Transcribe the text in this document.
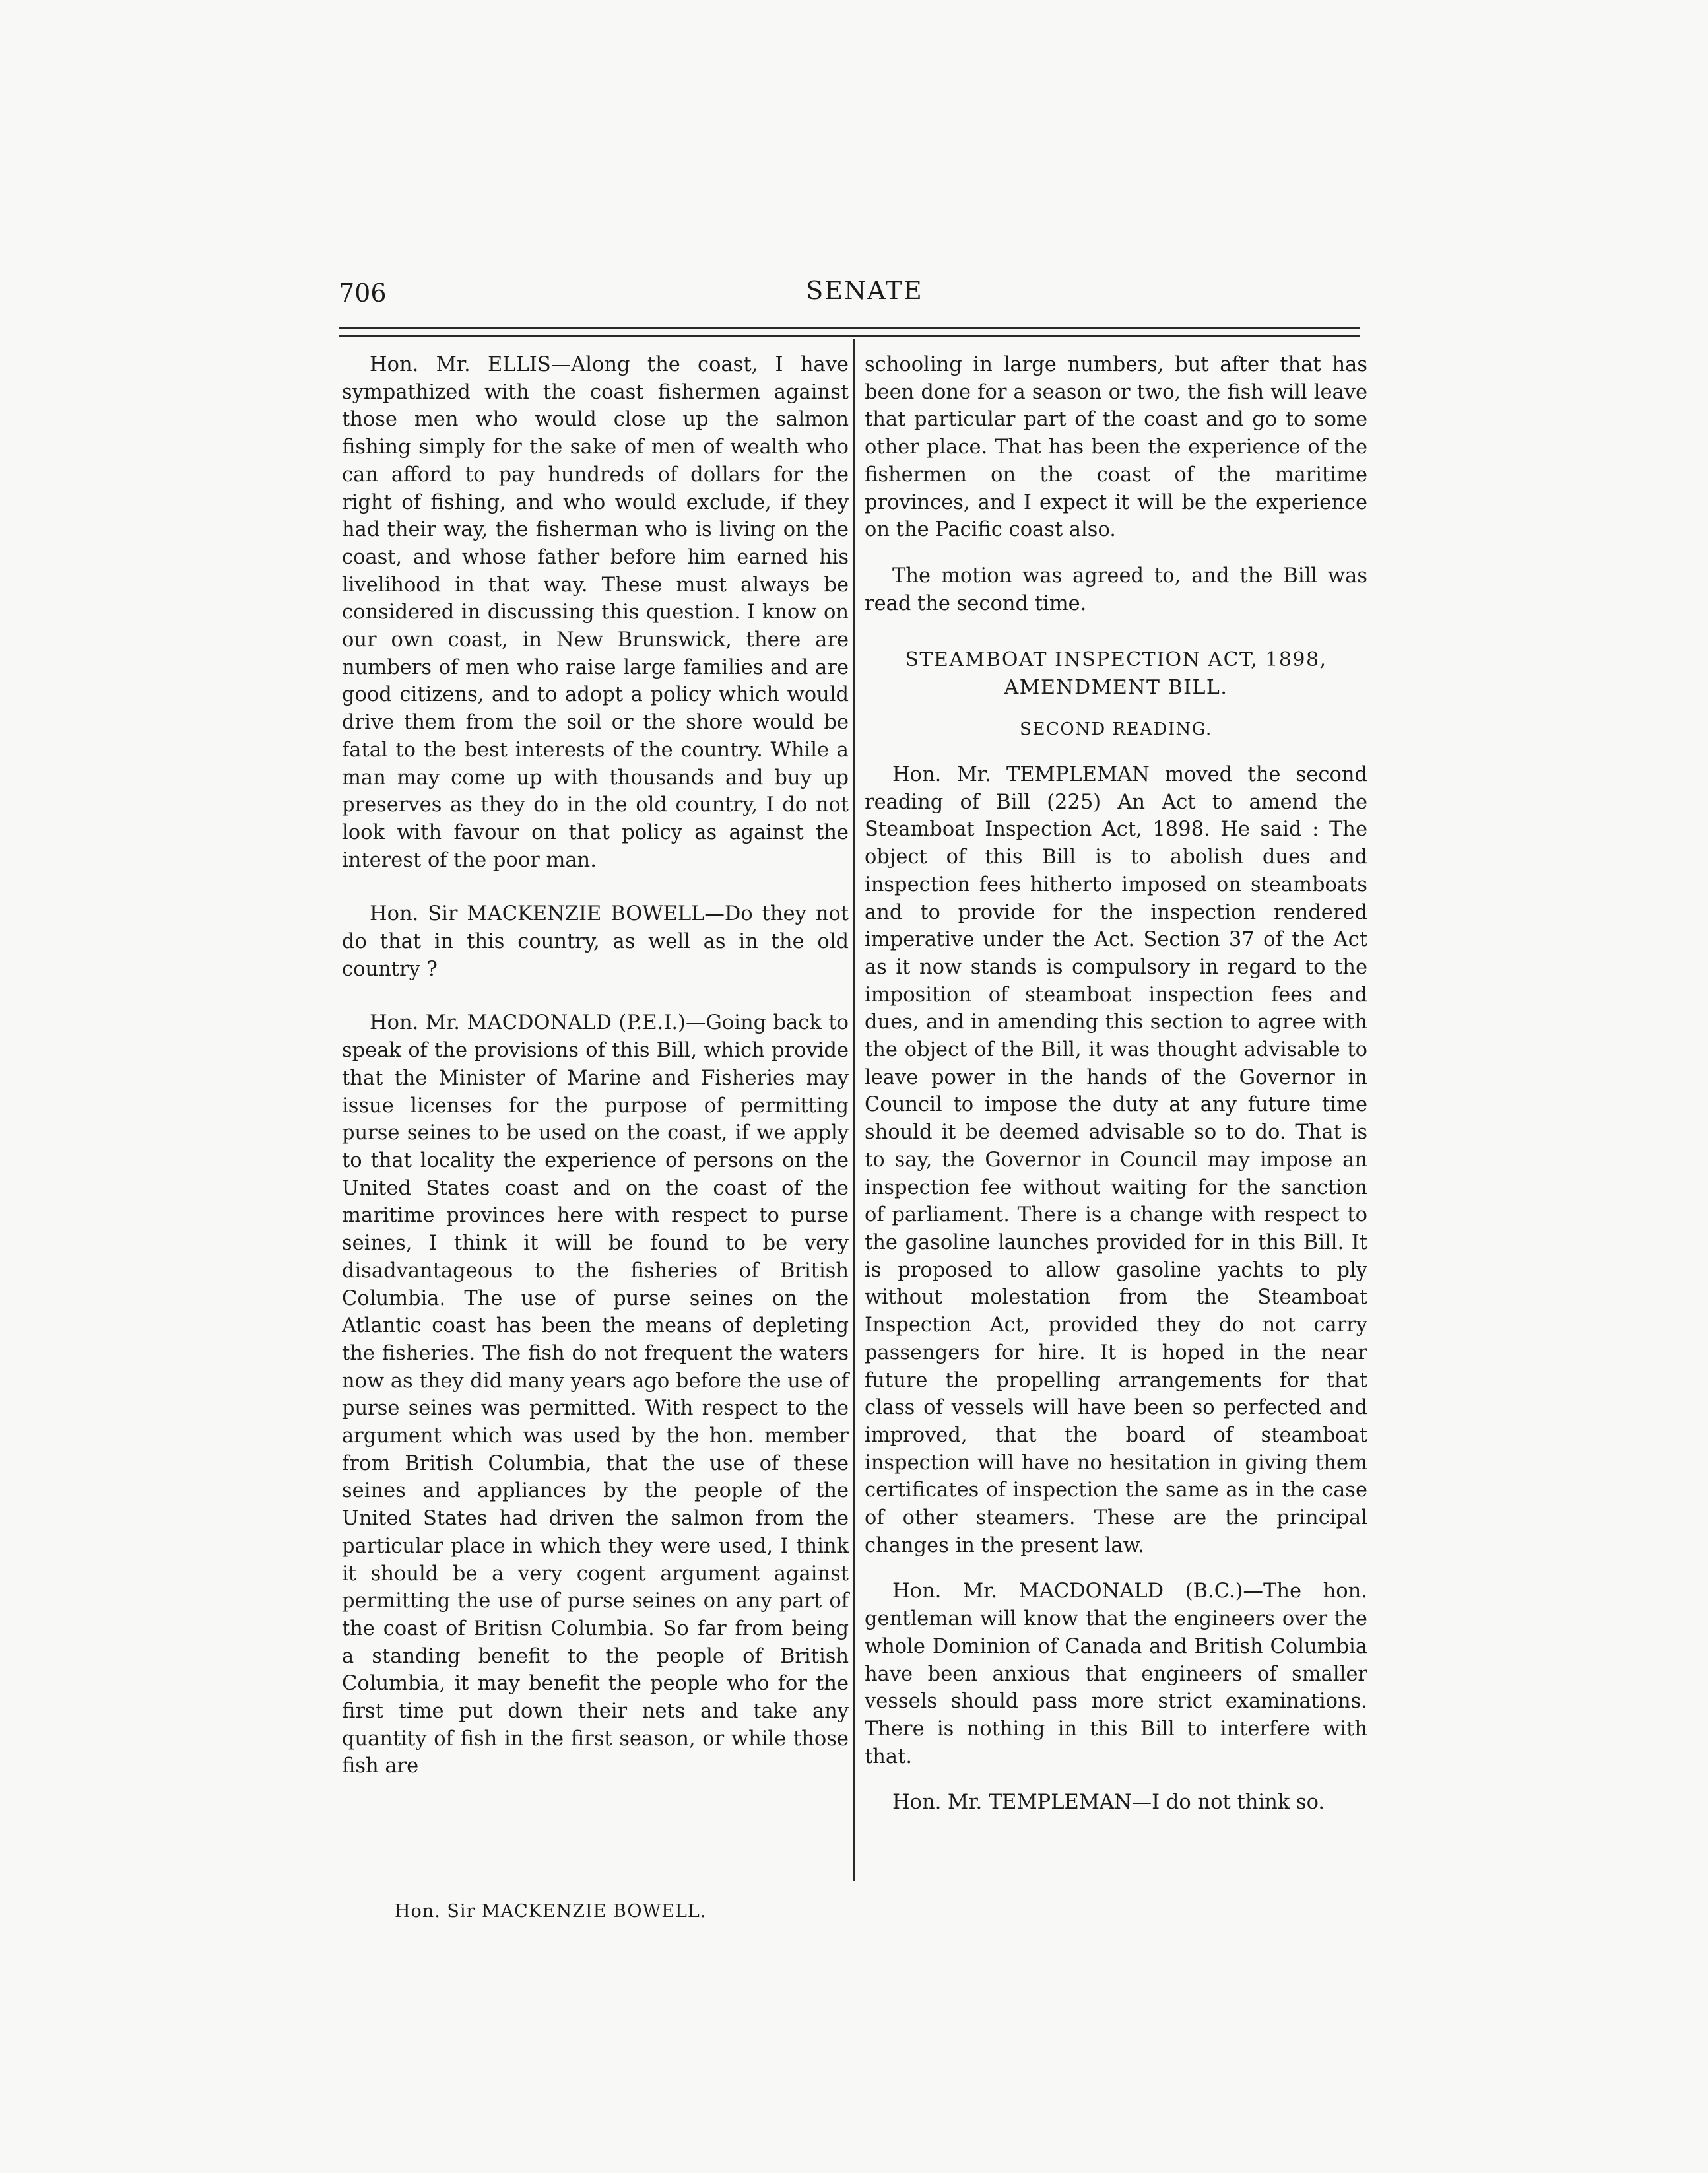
706	SENATE

Hon. Mr. ELLIS—Along the coast, I have sympathized with the coast fishermen against those men who would close up the salmon fishing simply for the sake of men of wealth who can afford to pay hundreds of dollars for the right of fishing, and who would exclude, if they had their way, the fisherman who is living on the coast, and whose father before him earned his livelihood in that way. These must always be considered in discussing this question. I know on our own coast, in New Brunswick, there are numbers of men who raise large families and are good citizens, and to adopt a policy which would drive them from the soil or the shore would be fatal to the best interests of the country. While a man may come up with thousands and buy up preserves as they do in the old country, I do not look with favour on that policy as against the interest of the poor man.

Hon. Sir MACKENZIE BOWELL—Do they not do that in this country, as well as in the old country ?

Hon. Mr. MACDONALD (P.E.I.)—Going back to speak of the provisions of this Bill, which provide that the Minister of Marine and Fisheries may issue licenses for the purpose of permitting purse seines to be used on the coast, if we apply to that locality the experience of persons on the United States coast and on the coast of the maritime provinces here with respect to purse seines, I think it will be found to be very disadvantageous to the fisheries of British Columbia. The use of purse seines on the Atlantic coast has been the means of depleting the fisheries. The fish do not frequent the waters now as they did many years ago before the use of purse seines was permitted. With respect to the argument which was used by the hon. member from British Columbia, that the use of these seines and appliances by the people of the United States had driven the salmon from the particular place in which they were used, I think it should be a very cogent argument against permitting the use of purse seines on any part of the coast of Britisn Columbia. So far from being a standing benefit to the people of British Columbia, it may benefit the people who for the first time put down their nets and take any quantity of fish in the first season, or while those fish are

schooling in large numbers, but after that has been done for a season or two, the fish will leave that particular part of the coast and go to some other place. That has been the experience of the fishermen on the coast of the maritime provinces, and I expect it will be the experience on the Pacific coast also.

The motion was agreed to, and the Bill was read the second time.

STEAMBOAT INSPECTION ACT, 1898, AMENDMENT BILL.
SECOND READING.

Hon. Mr. TEMPLEMAN moved the second reading of Bill (225) An Act to amend the Steamboat Inspection Act, 1898. He said : The object of this Bill is to abolish dues and inspection fees hitherto imposed on steamboats and to provide for the inspection rendered imperative under the Act. Section 37 of the Act as it now stands is compulsory in regard to the imposition of steamboat inspection fees and dues, and in amending this section to agree with the object of the Bill, it was thought advisable to leave power in the hands of the Governor in Council to impose the duty at any future time should it be deemed advisable so to do. That is to say, the Governor in Council may impose an inspection fee without waiting for the sanction of parliament. There is a change with respect to the gasoline launches provided for in this Bill. It is proposed to allow gasoline yachts to ply without molestation from the Steamboat Inspection Act, provided they do not carry passengers for hire. It is hoped in the near future the propelling arrangements for that class of vessels will have been so perfected and improved, that the board of steamboat inspection will have no hesitation in giving them certificates of inspection the same as in the case of other steamers. These are the principal changes in the present law.

Hon. Mr. MACDONALD (B.C.)—The hon. gentleman will know that the engineers over the whole Dominion of Canada and British Columbia have been anxious that engineers of smaller vessels should pass more strict examinations. There is nothing in this Bill to interfere with that.

Hon. Mr. TEMPLEMAN—I do not think so.

Hon. Sir MACKENZIE BOWELL.
